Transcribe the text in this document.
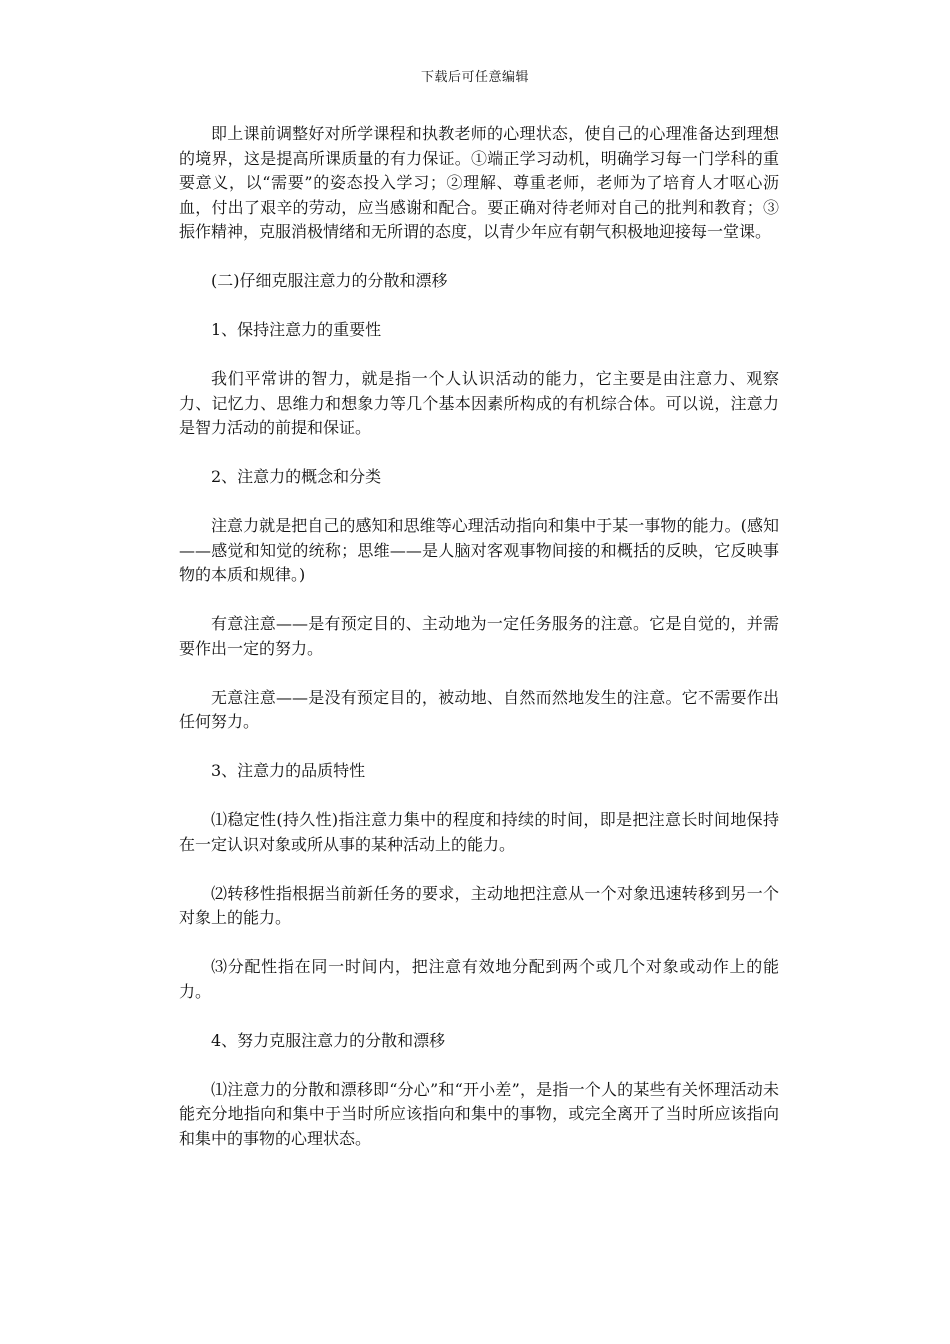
下载后可任意编辑

即上课前调整好对所学课程和执教老师的心理状态，使自己的心理准备达到理想的境界，这是提高所课质量的有力保证。①端正学习动机，明确学习每一门学科的重要意义，以“需要”的姿态投入学习；②理解、尊重老师，老师为了培育人才呕心沥血，付出了艰辛的劳动，应当感谢和配合。要正确对待老师对自己的批判和教育；③振作精神，克服消极情绪和无所谓的态度，以青少年应有朝气积极地迎接每一堂课。

(二)仔细克服注意力的分散和漂移

1、保持注意力的重要性

我们平常讲的智力，就是指一个人认识活动的能力，它主要是由注意力、观察力、记忆力、思维力和想象力等几个基本因素所构成的有机综合体。可以说，注意力是智力活动的前提和保证。

2、注意力的概念和分类

注意力就是把自己的感知和思维等心理活动指向和集中于某一事物的能力。(感知——感觉和知觉的统称；思维——是人脑对客观事物间接的和概括的反映，它反映事物的本质和规律。)

有意注意——是有预定目的、主动地为一定任务服务的注意。它是自觉的，并需要作出一定的努力。

无意注意——是没有预定目的，被动地、自然而然地发生的注意。它不需要作出任何努力。

3、注意力的品质特性

⑴稳定性(持久性)指注意力集中的程度和持续的时间，即是把注意长时间地保持在一定认识对象或所从事的某种活动上的能力。

⑵转移性指根据当前新任务的要求，主动地把注意从一个对象迅速转移到另一个对象上的能力。

⑶分配性指在同一时间内，把注意有效地分配到两个或几个对象或动作上的能力。

4、努力克服注意力的分散和漂移

⑴注意力的分散和漂移即“分心”和“开小差”，是指一个人的某些有关怀理活动未能充分地指向和集中于当时所应该指向和集中的事物，或完全离开了当时所应该指向和集中的事物的心理状态。
